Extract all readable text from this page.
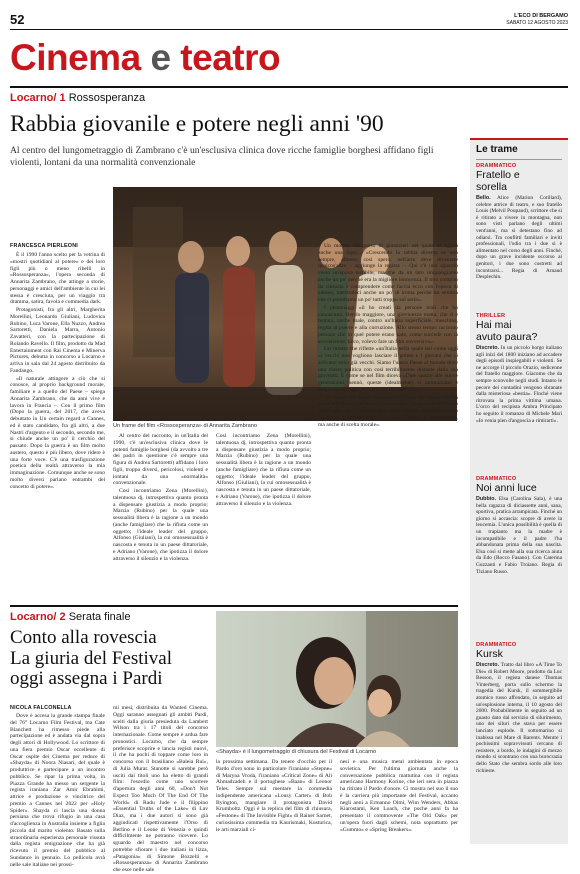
52	L'ECO DI BERGAMO
SABATO 12 AGOSTO 2023
Cinema e teatro
Locarno/ 1 Rossosperanza
Rabbia giovanile e potere negli anni '90
Al centro del lungometraggio di Zambrano c'è un'esclusiva clinica dove ricche famiglie borghesi affidano figli violenti, lontani da una normalità convenzionale
FRANCESCA PIERLEONI

È il 1990 l'anno scelto per la vetrina di «mostri quotidiani al potere» e dei loro figli più o meno ribelli in «Rossosperanza», l'opera seconda di Annarita Zambrano, che attinge a storie, personaggi e amici dell'ambiente in cui lei stessa è cresciuta, per un viaggio tra dramma, satira, favola e commedia dark.

Protagonisti, fra gli altri, Margherita Morellini, Leonardo Giuliani, Ludovica Rubino, Luca Varone, Ella Nuzzo, Andrea Sartoretti, Daniela Marra, Antonio Zavatteri, con la partecipazione di Rolando Ravello. Il film, prodotto da Mad Entertainment con Rai Cinema e Minerva Pictures, debutta in concorso a Locarno e arriva in sala dal 24 agosto distribuito da Fandango.

«Il naturale attingere a ciò che si conosce, al proprio background morale, familiare e a quello del Paese – spiega Annarita Zambrano, che da anni vive e lavora in Francia –. Con il primo film (Dopo la guerra, del 2017, che aveva debuttato in Un certain regard a Cannes, ed è stato candidato, fra gli altri, a due Nastri d'argento e il secondo, secondo me, si chiude anche un po' il cerchio del passato. Dopo la guerra è un film molto austero, questo è più libero, dove ridere è una forte voce. C'è una trasfigurazione poetica della realtà attraverso la mia immaginazione. Comunque anche se sono molto diversi parlano entrambi del concetto di potere».

Un frame del film «Rossosperanza» di Annarita Zambrano

Al centro del racconto, in un'Italia del 1990, c'è un'esclusiva clinica dove le potenti famiglie borghesi (da avvolto a tre dei padri in questione c'è sempre una figura di Andrea Sartoretti) affidano i loro figli, troppo diversi, pericolosi, violenti e lontani da una «normalità» convenzionale.

Così incontriamo Zena (Morellini), talentuosa dj, introspettiva quanto pronta a dispensare giustizia a modo proprio; Marzia (Rubino) per la quale una sessualità libera è la ragione a un mondo (anche famigliare) che la rifiuta come un oggetto; l'ideale leader del gruppo, Alfonso (Giuliani), la cui omosessualità è nascosta e tenuta in un paese dittatoriale, e Adriano (Varone), che ipotizza il dolore attraverso il silenzio e la violenza.

Così incontriamo Zena (Morellini), talentuosa dj, introspettiva quanto pronta a dispensare giustizia a modo proprio; Marzia (Rubino) per la quale una sessualità libera è la ragione a un mondo (anche famigliare) che la rifiuta come un oggetto; l'ideale leader del gruppo, Alfonso (Giuliani), la cui omosessualità è nascosta e tenuta in un paese dittatoriale, e Adriano (Varone), che ipotizza il dolore attraverso il silenzio e la violenza.

Un mondo bisognoso di giustizieri nel quale si aggira anche una tigre.... «Crescendo la rabbia diventa se non sempre, almeno così spero, nell'arte deve diventare qualcos'altro – aggiunge la regista –. Qui c'è uno sguardo verso un'epoca terribile, ma che da un lato rimpiangiamo anche un po' perché era la migliore innocenza. Il mio compito da cineasta è comprendere come faccia ecco con l'epoca di adesso, mettendoci anche un po' di ironia perché mi sembra che ci prendiamo un po' tutti troppo sul serio».

I personaggi «il ho creati da persone reali che ho conosciuto. Bendo maggiore, una giovinezza matta, che si è buttata, anche male, contro un'Italia superficiale, meschina, legata al potere e alla corruzione. Allo stesso tempo racconto persone che in quel potere erano nate, come succede con la sovversione. Ecco, volevo fare un film sovversivo».

Un ritratto che riflette «un'Italia nella quale ieri come oggi «i vecchi non vogliono lasciare il potere e i giovani che ci arrivano sono già vecchi. Siamo l'unico Paese al mondo dove una classe politica con così terribilmente distante dalla sua gioventù. È come se nel film diceva «Date spazio alle nuove generazioni, sennò, queste (idealmente) vi ammazzano e hanno anche ragione», dice sul filo dell'ironia.

«Il nostro un Paese incredibile eppure ho creato che la gente non riesce per sempre sottomessa. La speranza del titolo dove? «In chi si appassiona a quel sistema, deciderà di non diventare un mostro. Non è solo una questione di generazione, ma anche di scelta morale».

Locarno/ 2 Serata finale
Conto alla rovescia
La giuria del Festival
oggi assegna i Pardi
NICOLA FALCONELLA

Dove è accesa la grande stampa finale del 76° Locarno Film Festival, ma Cate Blanchett ha rimesso piede alla partecipazione ed è andata via dal sopra degli attori di Hollywood. Lo scrittore di una fiera premio Oscar eccellente di Oscar ospite dei Cinema per reduce di «Shayda» di Noora Niasari, del quale è produttrice e partecipare a un incontro pubblico. Se ripar la prima volta, in Piazza Grande ha messo un sergente la regista iraniana Zar Amir Ebrahimi, attrice e produzione e vincitrice del premio a Cannes nel 2022 per «Holy Spider». Shayda ci lascia una donna persiana che trova rifugio in una casa d'accoglienza in Australia insieme a figlia piccola dal marito violento. Basato sulla straordinaria esperienza personale vissuta dalla regista emigrazione che ha già ricevuto il premio del pubblico al Sundance in gennaio. Lo pellicola avrà nelle sale italiane nei prossi-

mi mesi, distribuita da Wanted Cinema. Oggi saranno assegnati gli ambiti Pardi, scelti dalla giuria presieduta da Lambert Wilson tra i 17 titoli del concorso internazionale. Come sempre è ardua fare pronostici. Locarno, che da sempre preferisce scoprire e lancia registi nuovi, il che ha pochi di toppare come loro in concorso con il brasiliano «Baleia Rui», di Julia Murat. Stanotte si sarebbe però usciti dai titoli uno ha eletto di grandi film: l'esordio come uno scorrere d'apertura degli anni 60, «Don't Not Expect Too Much Of The End Of The World» di Radu Jude e il filippino «Essential Truths of the Lake» di Lav Diaz, ma i due autori si sono già aggiudicati rispettivamente l'Orso di Berlino e il Leone di Venezia e quindi difficilmente ne potranno ricevere. Lo sguardo del maestro nel concorso potrebbe sfiorare i due italiani in lizza, «Patagonia» di Simone Bozzelli e «Rossosperanza» di Annarita Zambrano che esce nelle sale

«Shayda» è il lungometraggio di chiusura del Festival di Locarno

la prossima settimana. Da tenere d'occhio per il Pardo d'oro sono in particolare l'iraniano «Stepne» di Maryna Vroda, l'iraniano «Critical Zone» di Ali Ahmadzadeh e il portoghese «Baan» di Leonor Teles. Sempre sul mentare la commedia indipendente americana «Lousy Carter» di Bob Byington, mangiare il protagonista David Krumholtz. Oggi è la replica del film di chiusura, «Festone» di The Invisible Fight» di Rainer Sarnet, curiosissima commedia tra Kaurismaki, Kusturica, le arti marziali ci-

nesi e una musica metal ambientata in epoca sovietica. Per l'ultima giornata anche la conversazione pubblica mattutina con il regista americano Harmony Korine, che ieri sera in piazza ha ritirato il Pardo d'onore. Ci mostra nel suo il suo è la carriera più importante del Festival, accanto negli anni a Ermanno Olmi, Wim Wenders, Abbas Kiarostami, Ken Loach, che poche anni fa ha presentato il commovente «The Old Oak» per un'opera fuori dagli schemi, nota soprattutto per «Gummo» e «Spring Breakers».

Le trame
DRAMMATICO
Fratello e sorella
Bello. Alice (Marion Cotillard), celebre attrice di teatro, e suo fratello Louis (Melvil Poupaud), scrittore che si è ritirato a vivere in montagna, non sono visti parlano degli ultimi vent'anni, ma si detestano fino ad odiarsi. Tra conflitti familiari e inviti professionali, l'odio tra i due si è alimentato nel corso degli anni. Finché, dopo un grave incidente occorso ai genitori, i due sono costretti ad incontrarsi... Regia di Arnaud Desplechin.
THRILLER
Hai mai avuto paura?
Discreto. In un piccolo borgo italiano agli inizi del 1800 iniziano ad accadere degli episodi inspiegabili e violenti. Se ne accorge il piccolo Orazio, sedicenne del fratello maggiore. Giacomo che da sempre sconvolte negli studi. Intanto le pecore dei contadini vengono sbranate dalla misteriosa «bestia». Finché viene ritrovata la prima vittima umana. L'orco del recipista Ambra Principato ho seguito il romanzo di Michele Mari «Io venia pien d'angoscia a rimirarti».
DRAMMATICO
Noi anni luce
Dubbio. Elsa (Carolina Sala), è una bella ragazza di diciassette anni, sana, sportiva, pratica arrampicata. Finché un giorno si accascia: scopre di avere la leucemia. L'unica possibilità è quella di un trapianto ma la madre è incompatibile e il padre l'ha abbandonata prima della sua nascita. Elsa così si mette alla sua ricerca aiuta da Edo (Rocco Fasano). Con Caterina Guzzanti e Fabio Troiano. Regia di Tiziano Russo.
DRAMMATICO
Kursk
Discreto. Tratto dal libro «A Time To Die» di Robert Moore, prodotto da Luc Besson, il regista danese Thomas Vinterberg, porta sullo schermo la tragedia del Kursk, il sommergibile atomico russo affondato, in seguito ad un'esplosione interna, il 10 agosto del 2000. Probabilmente in seguito ad un guasto dato dal servizio di silurimento, uno dei siluri che stava per essere lanciato esplode. Il sottomarino si inabissa nel Mare di Barents. Mentre i pochissimi sopravvissuti cercano di resistere, a bordo, le indagini di mezzo mondo si scontrano con una burocrazia dello Stato che sembra sordo alle loro richieste.
